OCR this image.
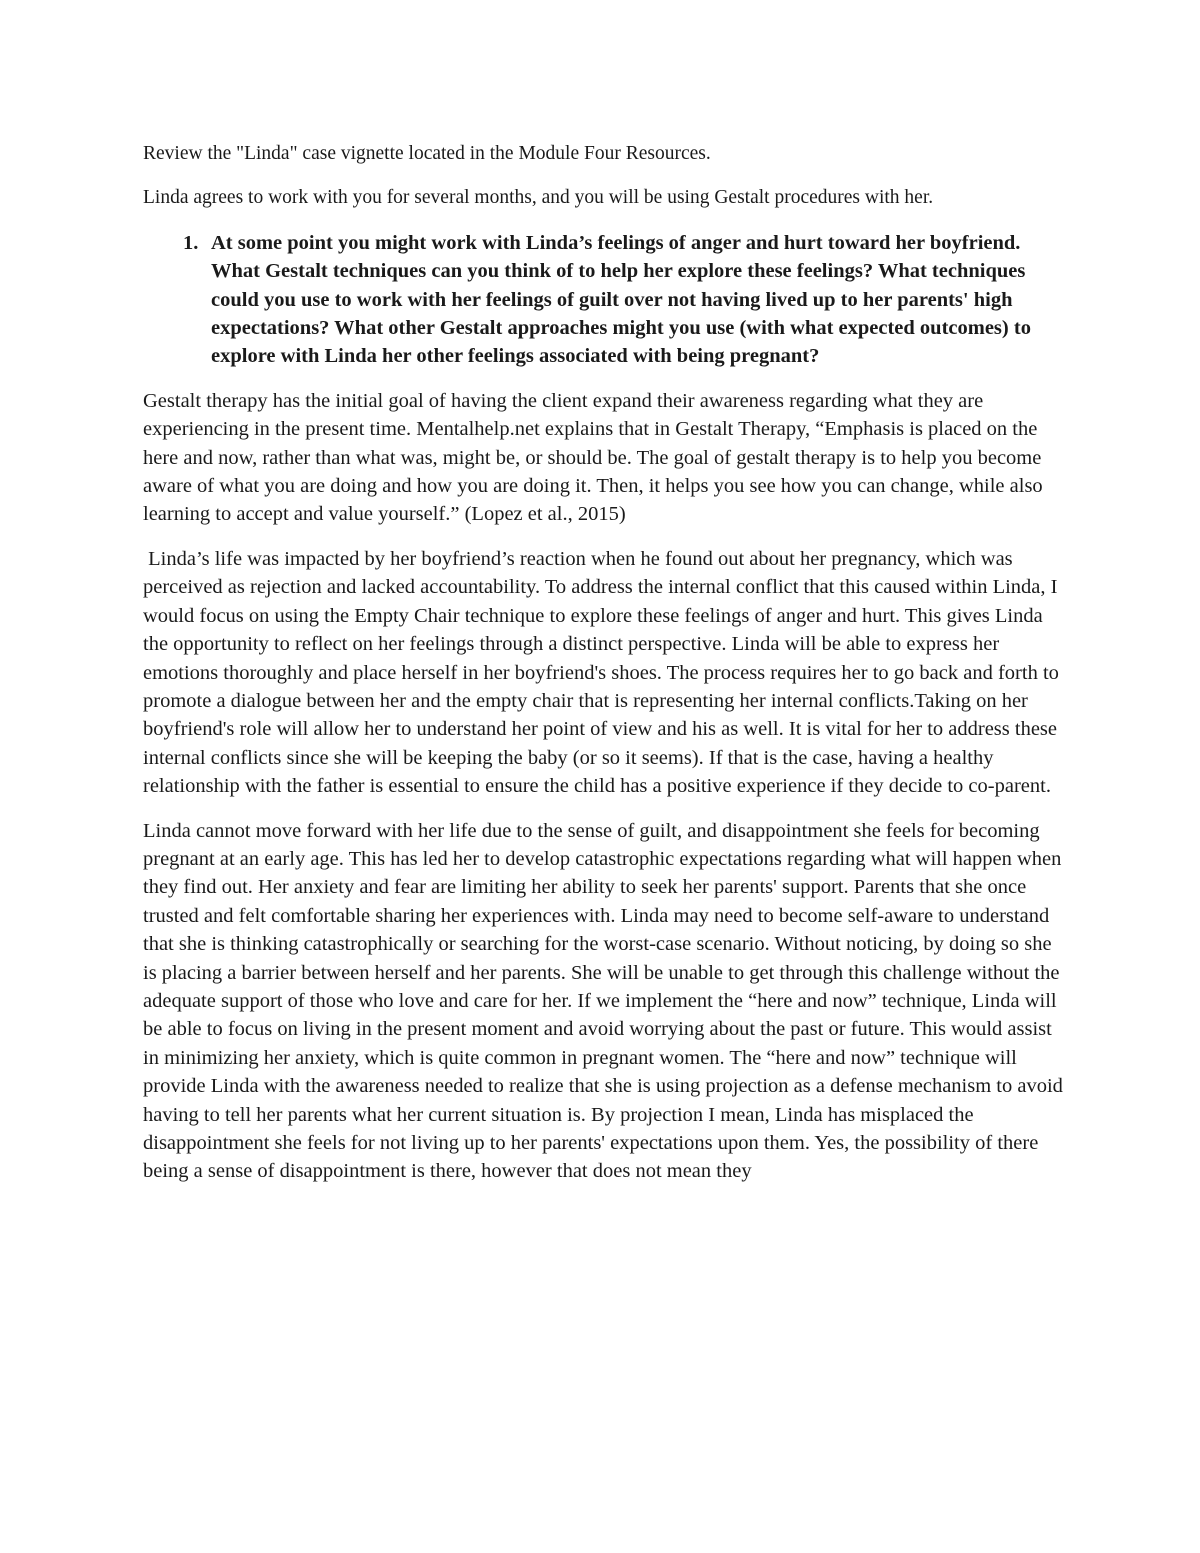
Review the "Linda" case vignette located in the Module Four Resources.

Linda agrees to work with you for several months, and you will be using Gestalt procedures with her.

1. At some point you might work with Linda’s feelings of anger and hurt toward her boyfriend. What Gestalt techniques can you think of to help her explore these feelings? What techniques could you use to work with her feelings of guilt over not having lived up to her parents' high expectations? What other Gestalt approaches might you use (with what expected outcomes) to explore with Linda her other feelings associated with being pregnant?

Gestalt therapy has the initial goal of having the client expand their awareness regarding what they are experiencing in the present time. Mentalhelp.net explains that in Gestalt Therapy, “Emphasis is placed on the here and now, rather than what was, might be, or should be. The goal of gestalt therapy is to help you become aware of what you are doing and how you are doing it. Then, it helps you see how you can change, while also learning to accept and value yourself.” (Lopez et al., 2015)

Linda’s life was impacted by her boyfriend’s reaction when he found out about her pregnancy, which was perceived as rejection and lacked accountability. To address the internal conflict that this caused within Linda, I would focus on using the Empty Chair technique to explore these feelings of anger and hurt. This gives Linda the opportunity to reflect on her feelings through a distinct perspective. Linda will be able to express her emotions thoroughly and place herself in her boyfriend's shoes. The process requires her to go back and forth to promote a dialogue between her and the empty chair that is representing her internal conflicts.Taking on her boyfriend's role will allow her to understand her point of view and his as well. It is vital for her to address these internal conflicts since she will be keeping the baby (or so it seems). If that is the case, having a healthy relationship with the father is essential to ensure the child has a positive experience if they decide to co-parent.

Linda cannot move forward with her life due to the sense of guilt, and disappointment she feels for becoming pregnant at an early age. This has led her to develop catastrophic expectations regarding what will happen when they find out. Her anxiety and fear are limiting her ability to seek her parents' support. Parents that she once trusted and felt comfortable sharing her experiences with. Linda may need to become self-aware to understand that she is thinking catastrophically or searching for the worst-case scenario. Without noticing, by doing so she is placing a barrier between herself and her parents. She will be unable to get through this challenge without the adequate support of those who love and care for her. If we implement the “here and now” technique, Linda will be able to focus on living in the present moment and avoid worrying about the past or future. This would assist in minimizing her anxiety, which is quite common in pregnant women. The “here and now” technique will provide Linda with the awareness needed to realize that she is using projection as a defense mechanism to avoid having to tell her parents what her current situation is. By projection I mean, Linda has misplaced the disappointment she feels for not living up to her parents' expectations upon them. Yes, the possibility of there being a sense of disappointment is there, however that does not mean they
